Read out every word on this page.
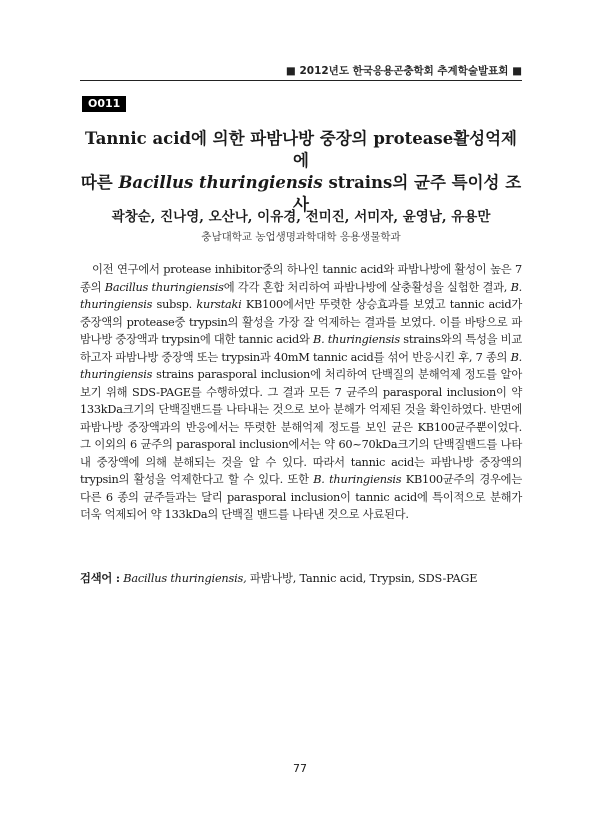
■ 2012년도 한국응용곤충학회 추계학술발표회 ■
O011
Tannic acid에 의한 파밤나방 중장의 protease활성억제에
따른 Bacillus thuringiensis strains의 균주 특이성 조사
곽창순, 진나영, 오산나, 이유경, 전미진, 서미자, 윤영남, 유용만
충남대학교 농업생명과학대학 응용생물학과
이전 연구에서 protease inhibitor중의 하나인 tannic acid와 파밤나방에 활성이 높은 7 종의 Bacillus thuringiensis에 각각 혼합 처리하여 파밤나방에 살충활성을 실험한 결과, B. thuringiensis subsp. kurstaki KB100에서만 뚜렷한 상승효과를 보였고 tannic acid가 중장액의 protease중 trypsin의 활성을 가장 잘 억제하는 결과를 보였다. 이를 바탕으로 파밤나방 중장액과 trypsin에 대한 tannic acid와 B. thuringiensis strains와의 특성을 비교하고자 파밤나방 중장액 또는 trypsin과 40mM tannic acid를 섞어 반응시킨 후, 7 종의 B. thuringiensis strains parasporal inclusion에 처리하여 단백질의 분해억제 정도를 알아보기 위해 SDS-PAGE를 수행하였다. 그 결과 모든 7 균주의 parasporal inclusion이 약 133kDa크기의 단백질밴드를 나타내는 것으로 보아 분해가 억제된 것을 확인하였다. 반면에 파밤나방 중장액과의 반응에서는 뚜렷한 분해억제 정도를 보인 균은 KB100균주뿐이었다. 그 이외의 6 균주의 parasporal inclusion에서는 약 60~70kDa크기의 단백질밴드를 나타내 중장액에 의해 분해되는 것을 알 수 있다. 따라서 tannic acid는 파밤나방 중장액의 trypsin의 활성을 억제한다고 할 수 있다. 또한 B. thuringiensis KB100균주의 경우에는 다른 6 종의 균주들과는 달리 parasporal inclusion이 tannic acid에 특이적으로 분해가 더욱 억제되어 약 133kDa의 단백질 밴드를 나타낸 것으로 사료된다.
검색어 : Bacillus thuringiensis, 파밤나방, Tannic acid, Trypsin, SDS-PAGE
77
